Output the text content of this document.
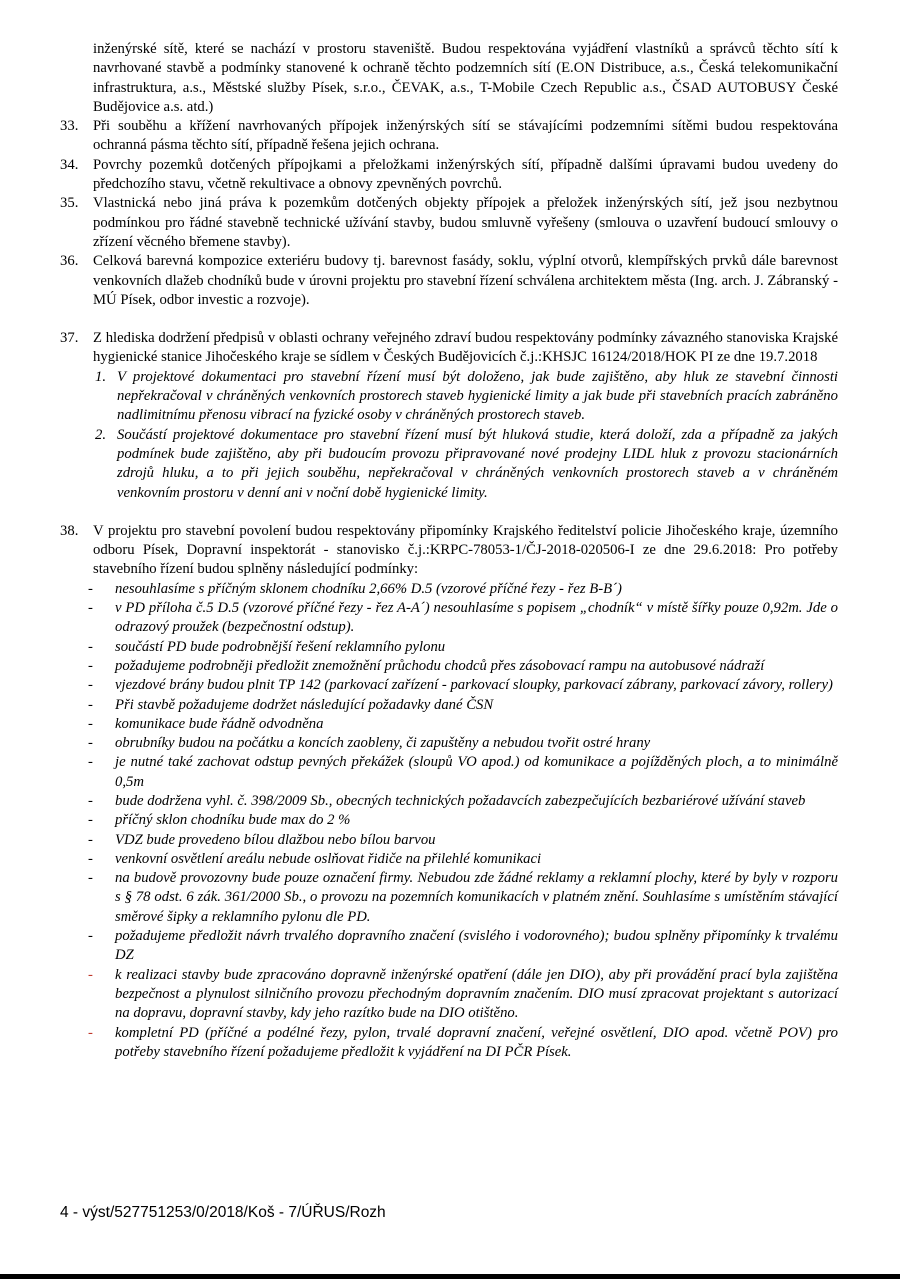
inženýrské sítě, které se nachází v prostoru staveniště. Budou respektována vyjádření vlastníků a správců těchto sítí k navrhované stavbě a podmínky stanovené k ochraně těchto podzemních sítí (E.ON Distribuce, a.s., Česká telekomunikační infrastruktura, a.s., Městské služby Písek, s.r.o., ČEVAK, a.s., T-Mobile Czech Republic a.s., ČSAD AUTOBUSY České Budějovice a.s. atd.)
33. Při souběhu a křížení navrhovaných přípojek inženýrských sítí se stávajícími podzemními sítěmi budou respektována ochranná pásma těchto sítí, případně řešena jejich ochrana.
34. Povrchy pozemků dotčených přípojkami a přeložkami inženýrských sítí, případně dalšími úpravami budou uvedeny do předchozího stavu, včetně rekultivace a obnovy zpevněných povrchů.
35. Vlastnická nebo jiná práva k pozemkům dotčených objekty přípojek a přeložek inženýrských sítí, jež jsou nezbytnou podmínkou pro řádné stavebně technické užívání stavby, budou smluvně vyřešeny (smlouva o uzavření budoucí smlouvy o zřízení věcného břemene stavby).
36. Celková barevná kompozice exteriéru budovy tj. barevnost fasády, soklu, výplní otvorů, klempířských prvků dále barevnost venkovních dlažeb chodníků bude v úrovni projektu pro stavební řízení schválena architektem města (Ing. arch. J. Zábranský - MÚ Písek, odbor investic a rozvoje).
37. Z hlediska dodržení předpisů v oblasti ochrany veřejného zdraví budou respektovány podmínky závazného stanoviska Krajské hygienické stanice Jihočeského kraje se sídlem v Českých Budějovicích č.j.:KHSJC 16124/2018/HOK PI ze dne 19.7.2018
1. V projektové dokumentaci pro stavební řízení musí být doloženo, jak bude zajištěno, aby hluk ze stavební činnosti nepřekračoval v chráněných venkovních prostorech staveb hygienické limity a jak bude při stavebních pracích zabráněno nadlimitnímu přenosu vibrací na fyzické osoby v chráněných prostorech staveb.
2. Součástí projektové dokumentace pro stavební řízení musí být hluková studie, která doloží, zda a případně za jakých podmínek bude zajištěno, aby při budoucím provozu připravované nové prodejny LIDL hluk z provozu stacionárních zdrojů hluku, a to při jejich souběhu, nepřekračoval v chráněných venkovních prostorech staveb a v chráněném venkovním prostoru v denní ani v noční době hygienické limity.
38. V projektu pro stavební povolení budou respektovány připomínky Krajského ředitelství policie Jihočeského kraje, územního odboru Písek, Dopravní inspektorát - stanovisko č.j.:KRPC-78053-1/ČJ-2018-020506-I ze dne 29.6.2018: Pro potřeby stavebního řízení budou splněny následující podmínky:
-	nesouhlasíme s příčným sklonem chodníku 2,66% D.5 (vzorové příčné řezy - řez B-B´)
-	v PD příloha č.5 D.5 (vzorové příčné řezy - řez A-A´) nesouhlasíme s popisem „chodník“ v místě šířky pouze 0,92m. Jde o odrazový proužek (bezpečnostní odstup).
-	součástí PD bude podrobnější řešení reklamního pylonu
-	požadujeme podrobněji předložit znemožnění průchodu chodců přes zásobovací rampu na autobusové nádraží
-	vjezdové brány budou plnit TP 142 (parkovací zařízení - parkovací sloupky, parkovací zábrany, parkovací závory, rollery)
-	Při stavbě požadujeme dodržet následující požadavky dané ČSN
-	komunikace bude řádně odvodněna
-	obrubníky budou na počátku a koncích zaobleny, či zapuštěny a nebudou tvořit ostré hrany
-	je nutné také zachovat odstup pevných překážek (sloupů VO apod.) od komunikace a pojížděných ploch, a to minimálně 0,5m
-	bude dodržena vyhl. č. 398/2009 Sb., obecných technických požadavcích zabezpečujících bezbariérové užívání staveb
-	příčný sklon chodníku bude max do 2 %
-	VDZ bude provedeno bílou dlažbou nebo bílou barvou
-	venkovní osvětlení areálu nebude oslňovat řidiče na přilehlé komunikaci
-	na budově provozovny bude pouze označení firmy. Nebudou zde žádné reklamy a reklamní plochy, které by byly v rozporu s § 78 odst. 6 zák. 361/2000 Sb., o provozu na pozemních komunikacích v platném znění. Souhlasíme s umístěním stávající směrové šipky a reklamního pylonu dle PD.
-	požadujeme předložit návrh trvalého dopravního značení (svislého i vodorovného); budou splněny připomínky k trvalému DZ
-	k realizaci stavby bude zpracováno dopravně inženýrské opatření (dále jen DIO), aby při provádění prací byla zajištěna bezpečnost a plynulost silničního provozu přechodným dopravním značením. DIO musí zpracovat projektant s autorizací na dopravu, dopravní stavby, kdy jeho razítko bude na DIO otištěno.
-	kompletní PD (příčné a podélné řezy, pylon, trvalé dopravní značení, veřejné osvětlení, DIO apod. včetně POV) pro potřeby stavebního řízení požadujeme předložit k vyjádření na DI PČR Písek.
4 - výst/527751253/0/2018/Koš - 7/ÚŘUS/Rozh
